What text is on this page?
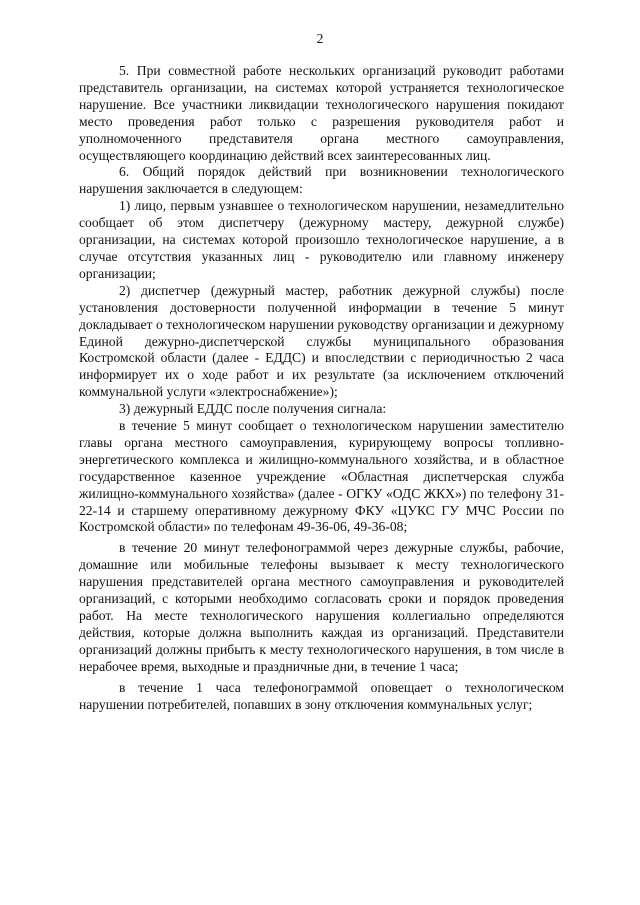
2

5. При совместной работе нескольких организаций руководит работами представитель организации, на системах которой устраняется технологическое нарушение. Все участники ликвидации технологического нарушения покидают место проведения работ только с разрешения руководителя работ и уполномоченного представителя органа местного самоуправления, осуществляющего координацию действий всех заинтересованных лиц.

6. Общий порядок действий при возникновении технологического нарушения заключается в следующем:

1) лицо, первым узнавшее о технологическом нарушении, незамедлительно сообщает об этом диспетчеру (дежурному мастеру, дежурной службе) организации, на системах которой произошло технологическое нарушение, а в случае отсутствия указанных лиц - руководителю или главному инженеру организации;

2) диспетчер (дежурный мастер, работник дежурной службы) после установления достоверности полученной информации в течение 5 минут докладывает о технологическом нарушении руководству организации и дежурному Единой дежурно-диспетчерской службы муниципального образования Костромской области (далее - ЕДДС) и впоследствии с периодичностью 2 часа информирует их о ходе работ и их результате (за исключением отключений коммунальной услуги «электроснабжение»);

3) дежурный ЕДДС после получения сигнала:

в течение 5 минут сообщает о технологическом нарушении заместителю главы органа местного самоуправления, курирующему вопросы топливно-энергетического комплекса и жилищно-коммунального хозяйства, и в областное государственное казенное учреждение «Областная диспетчерская служба жилищно-коммунального хозяйства» (далее - ОГКУ «ОДС ЖКХ») по телефону 31-22-14 и старшему оперативному дежурному ФКУ «ЦУКС ГУ МЧС России по Костромской области» по телефонам 49-36-06, 49-36-08;

в течение 20 минут телефонограммой через дежурные службы, рабочие, домашние или мобильные телефоны вызывает к месту технологического нарушения представителей органа местного самоуправления и руководителей организаций, с которыми необходимо согласовать сроки и порядок проведения работ. На месте технологического нарушения коллегиально определяются действия, которые должна выполнить каждая из организаций. Представители организаций должны прибыть к месту технологического нарушения, в том числе в нерабочее время, выходные и праздничные дни, в течение 1 часа;

в течение 1 часа телефонограммой оповещает о технологическом нарушении потребителей, попавших в зону отключения коммунальных услуг;
